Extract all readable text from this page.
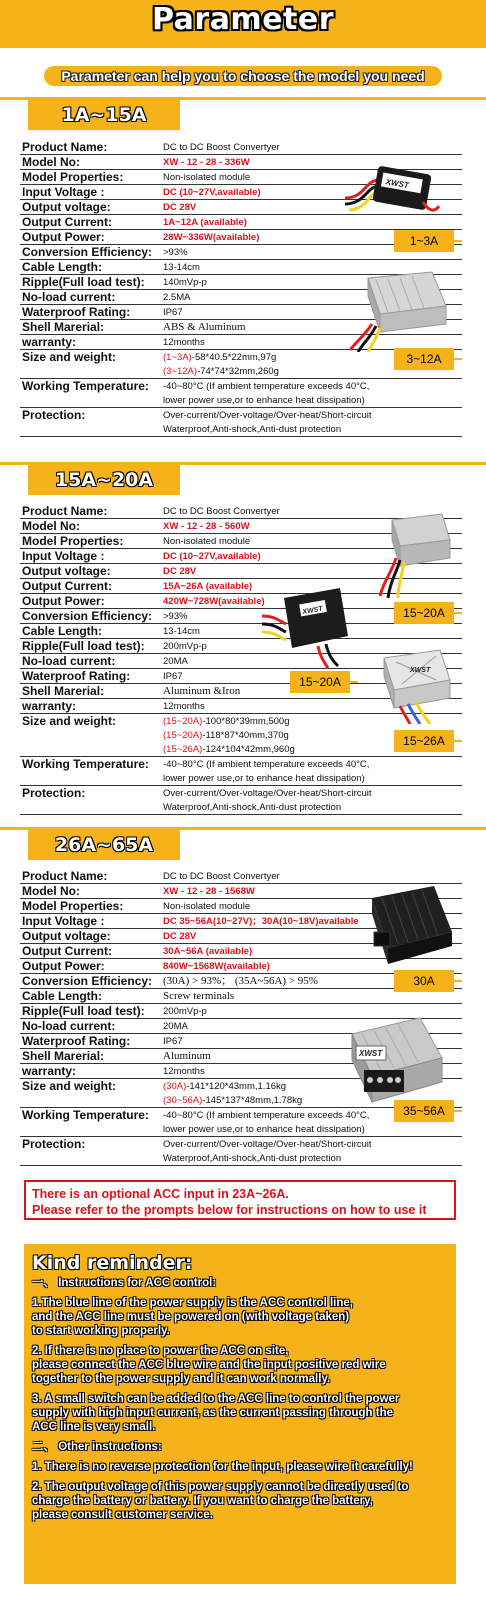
Parameter
Parameter can help you to choose the model you need
1A~15A
Product Name:	DC to DC Boost Convertyer
Model No:	XW - 12 - 28 - 336W
Model Properties:	Non-isolated module
Input Voltage :	DC (10~27V,available)
Output voltage:	DC 28V
Output Current:	1A~12A (available)
Output Power:	28W~336W(available)
Conversion Efficiency: >93%
Cable Length:	13-14cm
Ripple(Full load test): 140mVp-p
No-load current:	2.5MA
Waterproof Rating:	IP67
Shell Marerial:	ABS & Aluminum
warranty:	12months
Size and weight:	(1~3A)-58*40.5*22mm,97g
(3~12A)-74*74*32mm,260g
Working Temperature: -40~80°C (If ambient temperature exceeds 40°C,
lower power use,or to enhance heat dissipation)
Protection:	Over-current/Over-voltage/Over-heat/Short-circuit
Waterproof,Anti-shock,Anti-dust protection
XWST
1~3A
3~12A
15A~20A
Product Name:	DC to DC Boost Convertyer
Model No:	XW - 12 - 28 - 560W
Model Properties:	Non-isolated module
Input Voltage :	DC (10~27V,available)
Output voltage:	DC 28V
Output Current:	15A~26A (available)
Output Power:	420W~728W(available)
Conversion Efficiency: >93%
Cable Length:	13-14cm
Ripple(Full load test): 200mVp-p
No-load current:	20MA
Waterproof Rating:	IP67
Shell Marerial:	Aluminum &Iron
warranty:	12months
Size and weight:	(15~20A)-100*80*39mm,500g
(15~20A)-118*87*40mm,370g
(15~26A)-124*104*42mm,960g
Working Temperature: -40~80°C (If ambient temperature exceeds 40°C,
lower power use,or to enhance heat dissipation)
Protection:	Over-current/Over-voltage/Over-heat/Short-circuit
Waterproof,Anti-shock,Anti-dust protection
15~20A
XWST
15~20A
XWST
15~26A
26A~65A
Product Name:	DC to DC Boost Convertyer
Model No:	XW - 12 - 28 - 1568W
Model Properties:	Non-isolated module
Input Voltage :	DC 35~56A(10~27V)；30A(10~18V)available
Output voltage:	DC 28V
Output Current:	30A~56A (available)
Output Power:	840W~1568W(available)
Conversion Efficiency: (30A) > 93%； (35A~56A) > 95%
Cable Length:	Screw terminals
Ripple(Full load test): 200mVp-p
No-load current:	20MA
Waterproof Rating:	IP67
Shell Marerial:	Aluminum
warranty:	12months
Size and weight:	(30A)-141*120*43mm,1.16kg
(30~56A)-145*137*48mm,1.78kg
Working Temperature: -40~80°C (If ambient temperature exceeds 40°C,
lower power use,or to enhance heat dissipation)
Protection:	Over-current/Over-voltage/Over-heat/Short-circuit
Waterproof,Anti-shock,Anti-dust protection
30A
XWST
35~56A
There is an optional ACC input in 23A~26A.
Please refer to the prompts below for instructions on how to use it
Kind reminder:
一、 Instructions for ACC control:
1.The blue line of the power supply is the ACC control line,
and the ACC line must be powered on (with voltage taken)
to start working properly.
2. If there is no place to power the ACC on site,
please connect the ACC blue wire and the input positive red wire
together to the power supply and it can work normally.
3. A small switch can be added to the ACC line to control the power
supply with high input current, as the current passing through the
ACC line is very small.
二、 Other instructions:
1. There is no reverse protection for the input, please wire it carefully!
2. The output voltage of this power supply cannot be directly used to
charge the battery or battery. If you want to charge the battery,
please consult customer service.
